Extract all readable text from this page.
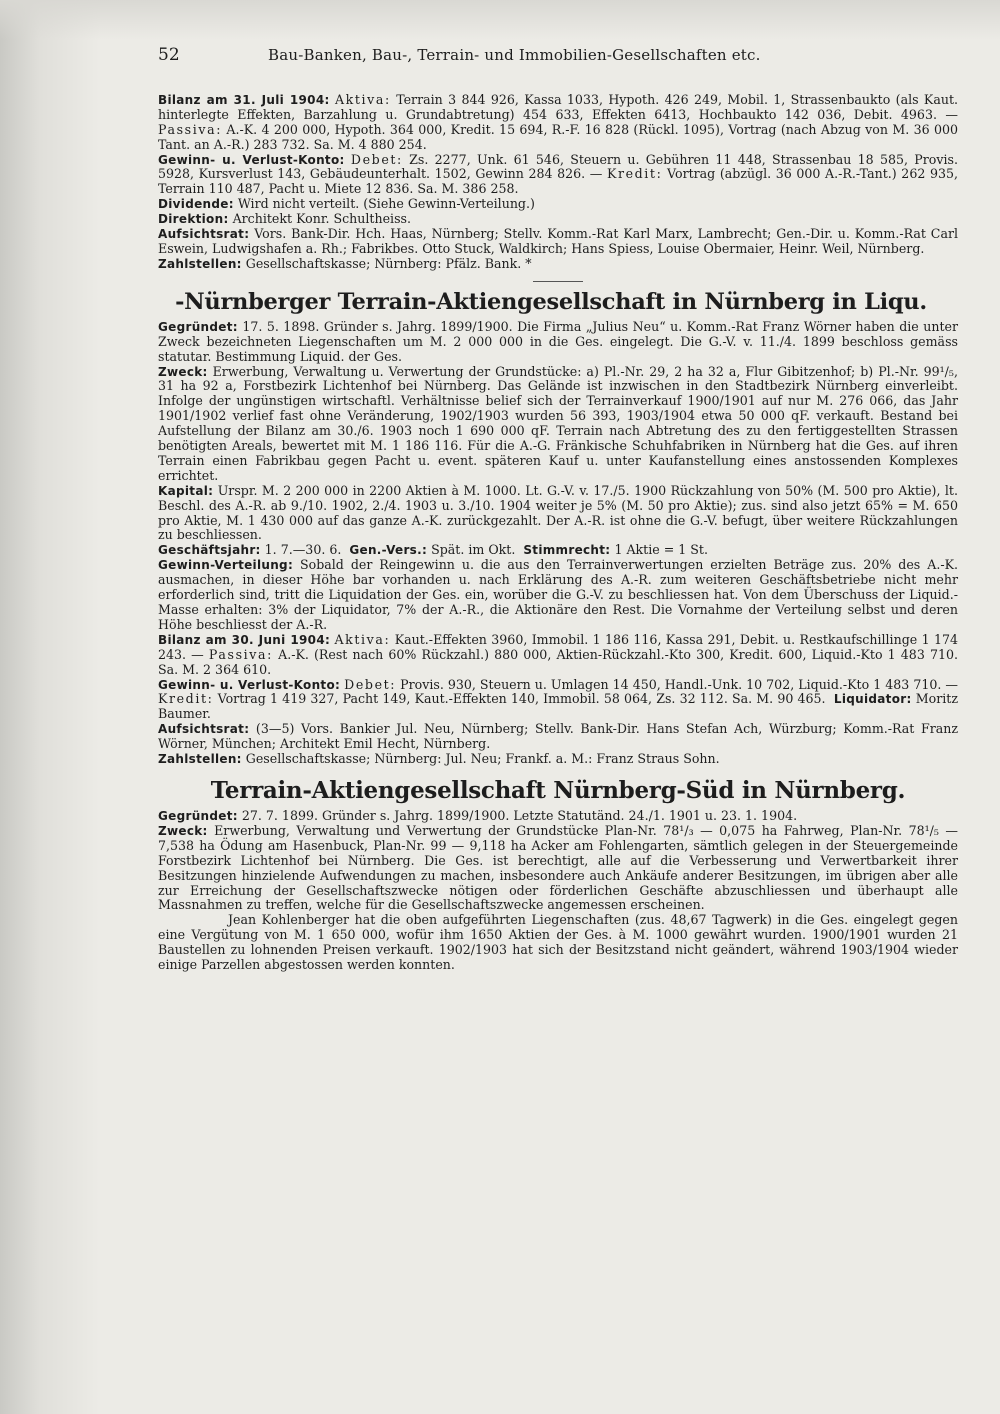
52	Bau-Banken, Bau-, Terrain- und Immobilien-Gesellschaften etc.

Bilanz am 31. Juli 1904: Aktiva: Terrain 3 844 926, Kassa 1033, Hypoth. 426 249, Mobil. 1, Strassenbaukto (als Kaut. hinterlegte Effekten, Barzahlung u. Grundabtretung) 454 633, Effekten 6413, Hochbaukto 142 036, Debit. 4963. — Passiva: A.-K. 4 200 000, Hypoth. 364 000, Kredit. 15 694, R.-F. 16 828 (Rückl. 1095), Vortrag (nach Abzug von M. 36 000 Tant. an A.-R.) 283 732. Sa. M. 4 880 254.

Gewinn- u. Verlust-Konto: Debet: Zs. 2277, Unk. 61 546, Steuern u. Gebühren 11 448, Strassenbau 18 585, Provis. 5928, Kursverlust 143, Gebäudeunterhalt. 1502, Gewinn 284 826. — Kredit: Vortrag (abzügl. 36 000 A.-R.-Tant.) 262 935, Terrain 110 487, Pacht u. Miete 12 836. Sa. M. 386 258.

Dividende: Wird nicht verteilt. (Siehe Gewinn-Verteilung.)

Direktion: Architekt Konr. Schultheiss.

Aufsichtsrat: Vors. Bank-Dir. Hch. Haas, Nürnberg; Stellv. Komm.-Rat Karl Marx, Lambrecht; Gen.-Dir. u. Komm.-Rat Carl Eswein, Ludwigshafen a. Rh.; Fabrikbes. Otto Stuck, Waldkirch; Hans Spiess, Louise Obermaier, Heinr. Weil, Nürnberg.

Zahlstellen: Gesellschaftskasse; Nürnberg: Pfälz. Bank. *

-Nürnberger Terrain-Aktiengesellschaft in Nürnberg in Liqu.

Gegründet: 17. 5. 1898. Gründer s. Jahrg. 1899/1900. Die Firma „Julius Neu“ u. Komm.-Rat Franz Wörner haben die unter Zweck bezeichneten Liegenschaften um M. 2 000 000 in die Ges. eingelegt. Die G.-V. v. 11./4. 1899 beschloss gemäss statutar. Bestimmung Liquid. der Ges.

Zweck: Erwerbung, Verwaltung u. Verwertung der Grundstücke: a) Pl.-Nr. 29, 2 ha 32 a, Flur Gibitzenhof; b) Pl.-Nr. 99¹/₅, 31 ha 92 a, Forstbezirk Lichtenhof bei Nürnberg. Das Gelände ist inzwischen in den Stadtbezirk Nürnberg einverleibt. Infolge der ungünstigen wirtschaftl. Verhältnisse belief sich der Terrainverkauf 1900/1901 auf nur M. 276 066, das Jahr 1901/1902 verlief fast ohne Veränderung, 1902/1903 wurden 56 393, 1903/1904 etwa 50 000 qF. verkauft. Bestand bei Aufstellung der Bilanz am 30./6. 1903 noch 1 690 000 qF. Terrain nach Abtretung des zu den fertiggestellten Strassen benötigten Areals, bewertet mit M. 1 186 116. Für die A.-G. Fränkische Schuhfabriken in Nürnberg hat die Ges. auf ihren Terrain einen Fabrikbau gegen Pacht u. event. späteren Kauf u. unter Kaufanstellung eines anstossenden Komplexes errichtet.

Kapital: Urspr. M. 2 200 000 in 2200 Aktien à M. 1000. Lt. G.-V. v. 17./5. 1900 Rückzahlung von 50% (M. 500 pro Aktie), lt. Beschl. des A.-R. ab 9./10. 1902, 2./4. 1903 u. 3./10. 1904 weiter je 5% (M. 50 pro Aktie); zus. sind also jetzt 65% = M. 650 pro Aktie, M. 1 430 000 auf das ganze A.-K. zurückgezahlt. Der A.-R. ist ohne die G.-V. befugt, über weitere Rückzahlungen zu beschliessen.

Geschäftsjahr: 1. 7.—30. 6. Gen.-Vers.: Spät. im Okt. Stimmrecht: 1 Aktie = 1 St.

Gewinn-Verteilung: Sobald der Reingewinn u. die aus den Terrainverwertungen erzielten Beträge zus. 20% des A.-K. ausmachen, in dieser Höhe bar vorhanden u. nach Erklärung des A.-R. zum weiteren Geschäftsbetriebe nicht mehr erforderlich sind, tritt die Liquidation der Ges. ein, worüber die G.-V. zu beschliessen hat. Von dem Überschuss der Liquid.-Masse erhalten: 3% der Liquidator, 7% der A.-R., die Aktionäre den Rest. Die Vornahme der Verteilung selbst und deren Höhe beschliesst der A.-R.

Bilanz am 30. Juni 1904: Aktiva: Kaut.-Effekten 3960, Immobil. 1 186 116, Kassa 291, Debit. u. Restkaufschillinge 1 174 243. — Passiva: A.-K. (Rest nach 60% Rückzahl.) 880 000, Aktien-Rückzahl.-Kto 300, Kredit. 600, Liquid.-Kto 1 483 710. Sa. M. 2 364 610.

Gewinn- u. Verlust-Konto: Debet: Provis. 930, Steuern u. Umlagen 14 450, Handl.-Unk. 10 702, Liquid.-Kto 1 483 710. — Kredit: Vortrag 1 419 327, Pacht 149, Kaut.-Effekten 140, Immobil. 58 064, Zs. 32 112. Sa. M. 90 465. Liquidator: Moritz Baumer.

Aufsichtsrat: (3—5) Vors. Bankier Jul. Neu, Nürnberg; Stellv. Bank-Dir. Hans Stefan Ach, Würzburg; Komm.-Rat Franz Wörner, München; Architekt Emil Hecht, Nürnberg.

Zahlstellen: Gesellschaftskasse; Nürnberg: Jul. Neu; Frankf. a. M.: Franz Straus Sohn.

Terrain-Aktiengesellschaft Nürnberg-Süd in Nürnberg.

Gegründet: 27. 7. 1899. Gründer s. Jahrg. 1899/1900. Letzte Statutänd. 24./1. 1901 u. 23. 1. 1904.

Zweck: Erwerbung, Verwaltung und Verwertung der Grundstücke Plan-Nr. 78¹/₃ — 0,075 ha Fahrweg, Plan-Nr. 78¹/₅ — 7,538 ha Ödung am Hasenbuck, Plan-Nr. 99 — 9,118 ha Acker am Fohlengarten, sämtlich gelegen in der Steuergemeinde Forstbezirk Lichtenhof bei Nürnberg. Die Ges. ist berechtigt, alle auf die Verbesserung und Verwertbarkeit ihrer Besitzungen hinzielende Aufwendungen zu machen, insbesondere auch Ankäufe anderer Besitzungen, im übrigen aber alle zur Erreichung der Gesellschaftszwecke nötigen oder förderlichen Geschäfte abzuschliessen und überhaupt alle Massnahmen zu treffen, welche für die Gesellschaftszwecke angemessen erscheinen.

Jean Kohlenberger hat die oben aufgeführten Liegenschaften (zus. 48,67 Tagwerk) in die Ges. eingelegt gegen eine Vergütung von M. 1 650 000, wofür ihm 1650 Aktien der Ges. à M. 1000 gewährt wurden. 1900/1901 wurden 21 Baustellen zu lohnenden Preisen verkauft. 1902/1903 hat sich der Besitzstand nicht geändert, während 1903/1904 wieder einige Parzellen abgestossen werden konnten.
